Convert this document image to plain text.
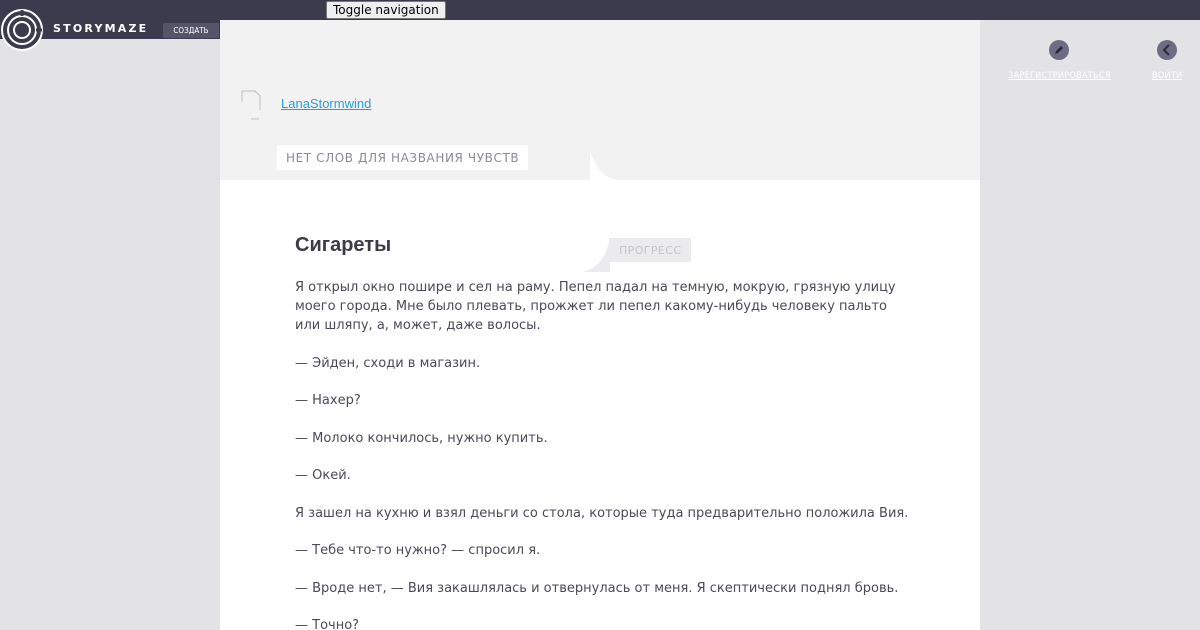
STORYMAZE	СОЗДАТЬ
Toggle navigation
LanaStormwind
НЕТ СЛОВ ДЛЯ НАЗВАНИЯ ЧУВСТВ
ПРОГРЕСС
Сигареты

Я открыл окно пошире и сел на раму. Пепел падал на темную, мокрую, грязную улицу моего города. Мне было плевать, прожжет ли пепел какому-нибудь человеку пальто или шляпу, а, может, даже волосы.

— Эйден, сходи в магазин.

— Нахер?

— Молоко кончилось, нужно купить.

— Окей.

Я зашел на кухню и взял деньги со стола, которые туда предварительно положила Вия.

— Тебе что-то нужно? — спросил я.

— Вроде нет, — Вия закашлялась и отвернулась от меня. Я скептически поднял бровь.

— Точно?

ЗАРЕГИСТРИРОВАТЬСЯ	ВОЙТИ
